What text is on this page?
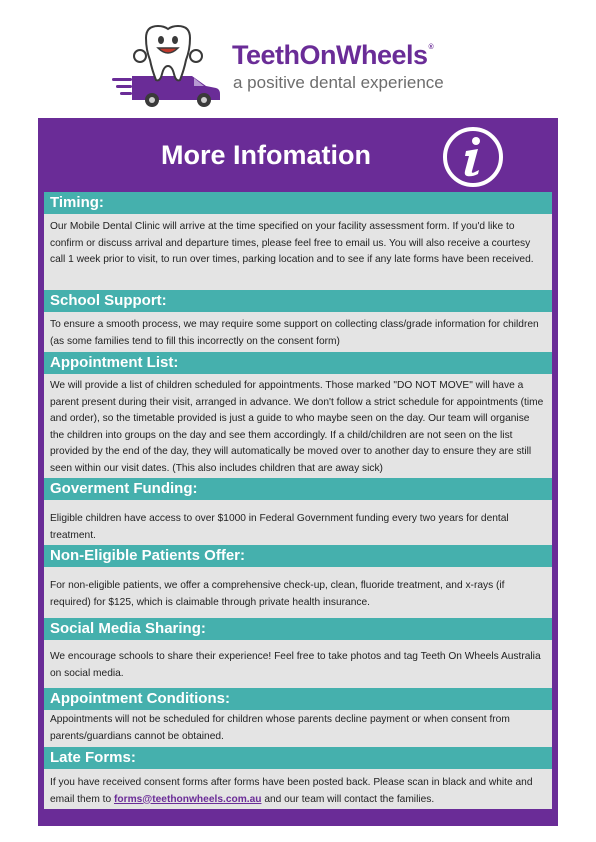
TeethOnWheels®
a positive dental experience
More Infomation
Timing:

Our Mobile Dental Clinic will arrive at the time specified on your facility assessment form. If you'd like to confirm or discuss arrival and departure times, please feel free to email us. You will also receive a courtesy call 1 week prior to visit, to run over times, parking location and to see if any late forms have been received.

School Support:

To ensure a smooth process, we may require some support on collecting class/grade information for children (as some families tend to fill this incorrectly on the consent form)

Appointment List:

We will provide a list of children scheduled for appointments. Those marked "DO NOT MOVE" will have a parent present during their visit, arranged in advance. We don't follow a strict schedule for appointments (time and order), so the timetable provided is just a guide to who maybe seen on the day. Our team will organise the children into groups on the day and see them accordingly. If a child/children are not seen on the list provided by the end of the day, they will automatically be moved over to another day to ensure they are still seen within our visit dates. (This also includes children that are away sick)

Goverment Funding:

Eligible children have access to over $1000 in Federal Government funding every two years for dental treatment.

Non-Eligible Patients Offer:

For non-eligible patients, we offer a comprehensive check-up, clean, fluoride treatment, and x-rays (if required) for $125, which is claimable through private health insurance.

Social Media Sharing:

We encourage schools to share their experience! Feel free to take photos and tag Teeth On Wheels Australia on social media.

Appointment Conditions:

Appointments will not be scheduled for children whose parents decline payment or when consent from parents/guardians cannot be obtained.

Late Forms:

If you have received consent forms after forms have been posted back. Please scan in black and white and email them to forms@teethonwheels.com.au and our team will contact the families.
